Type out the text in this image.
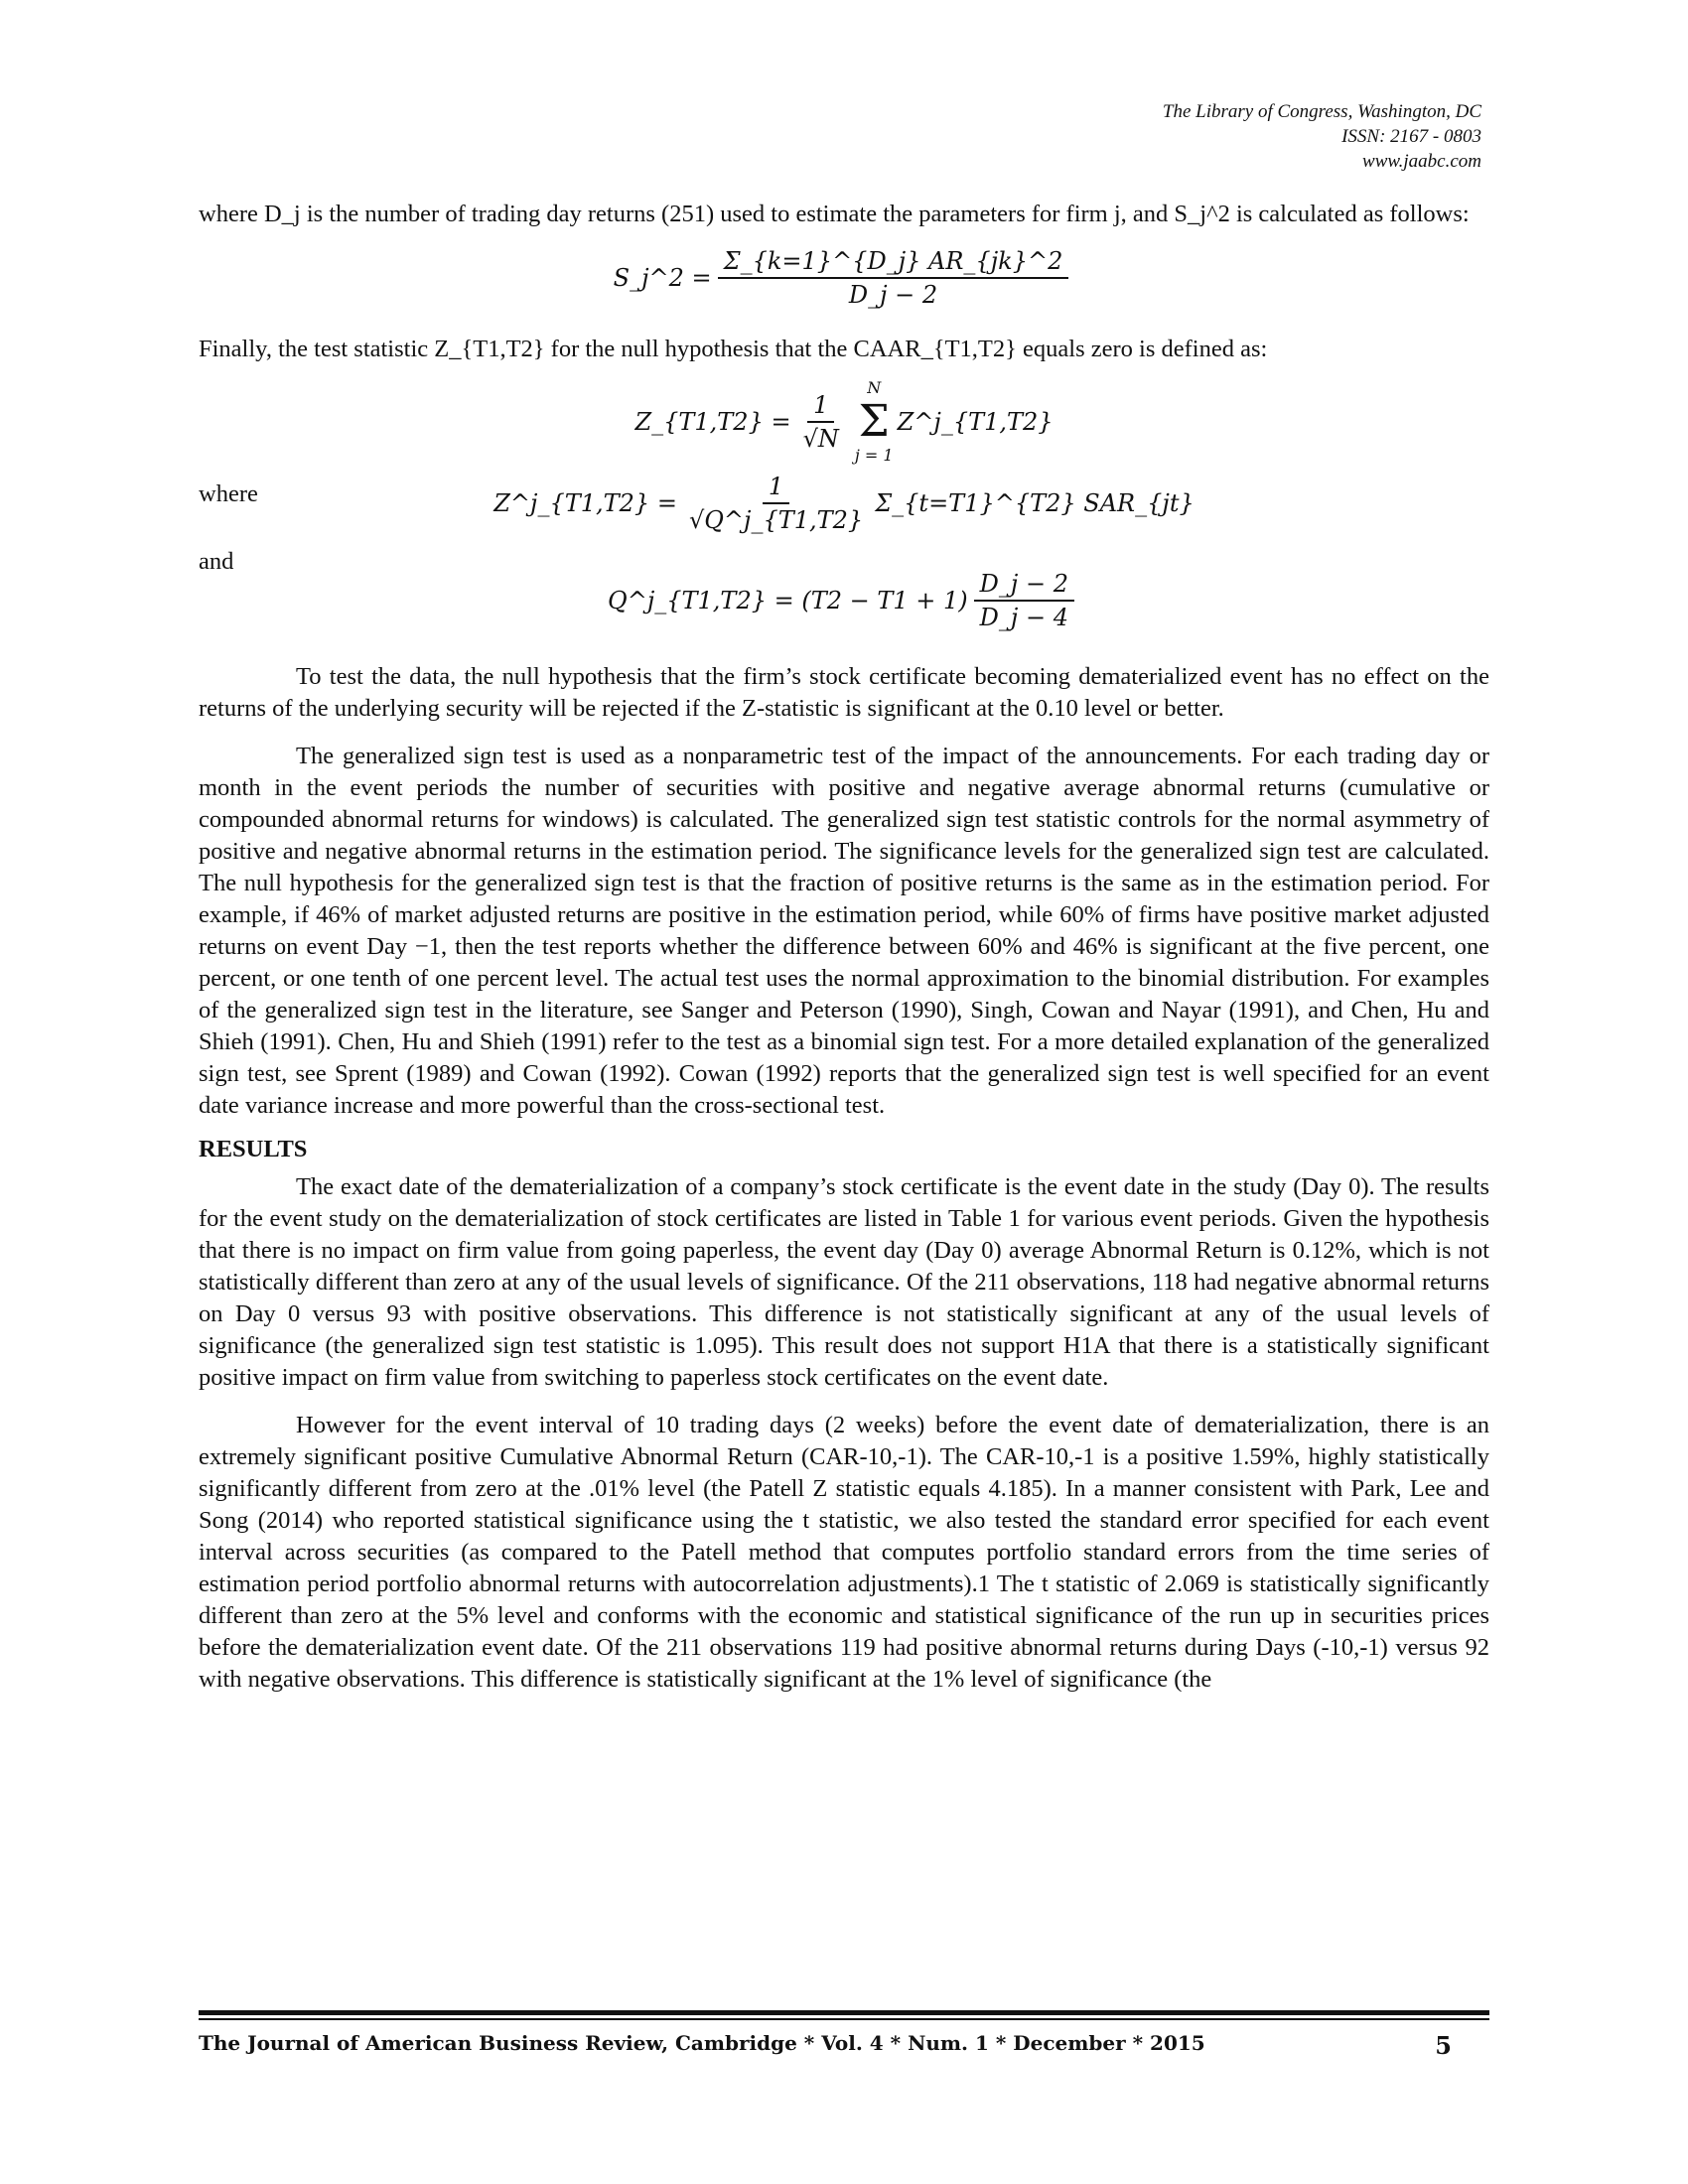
The Library of Congress, Washington, DC
ISSN: 2167 - 0803
www.jaabc.com

where D_j is the number of trading day returns (251) used to estimate the parameters for firm j, and S_j^2 is calculated as follows:

S_j^2 = $\frac{\Sigma\_\{k=1\}\^{}\{D\_j\} AR\_\{jk\}\^{}2}{D\_j - 2}$

Finally, the test statistic Z_{T1,T2} for the null hypothesis that the CAAR_{T1,T2} equals zero is defined as:

Z_{T1,T2} = $\frac{1}{√N}$
N
Σ
j = 1
Z^j_{T1,T2}
where	Z^j_{T1,T2} = $\frac{1}{√Q\^{}j\_\{T1,T2\}}$ Σ_{t=T1}^{T2} SAR_{jt}
and
Q^j_{T1,T2} = $(T2 - T1 + 1) \frac{D\_j - 2}{D\_j - 4}$

To test the data, the null hypothesis that the firm’s stock certificate becoming dematerialized event has no effect on the returns of the underlying security will be rejected if the Z-statistic is significant at the 0.10 level or better.

The generalized sign test is used as a nonparametric test of the impact of the announcements. For each trading day or month in the event periods the number of securities with positive and negative average abnormal returns (cumulative or compounded abnormal returns for windows) is calculated. The generalized sign test statistic controls for the normal asymmetry of positive and negative abnormal returns in the estimation period. The significance levels for the generalized sign test are calculated. The null hypothesis for the generalized sign test is that the fraction of positive returns is the same as in the estimation period. For example, if 46% of market adjusted returns are positive in the estimation period, while 60% of firms have positive market adjusted returns on event Day −1, then the test reports whether the difference between 60% and 46% is significant at the five percent, one percent, or one tenth of one percent level. The actual test uses the normal approximation to the binomial distribution. For examples of the generalized sign test in the literature, see Sanger and Peterson (1990), Singh, Cowan and Nayar (1991), and Chen, Hu and Shieh (1991). Chen, Hu and Shieh (1991) refer to the test as a binomial sign test. For a more detailed explanation of the generalized sign test, see Sprent (1989) and Cowan (1992). Cowan (1992) reports that the generalized sign test is well specified for an event date variance increase and more powerful than the cross-sectional test.

RESULTS

The exact date of the dematerialization of a company’s stock certificate is the event date in the study (Day 0). The results for the event study on the dematerialization of stock certificates are listed in Table 1 for various event periods. Given the hypothesis that there is no impact on firm value from going paperless, the event day (Day 0) average Abnormal Return is 0.12%, which is not statistically different than zero at any of the usual levels of significance. Of the 211 observations, 118 had negative abnormal returns on Day 0 versus 93 with positive observations. This difference is not statistically significant at any of the usual levels of significance (the generalized sign test statistic is 1.095). This result does not support H1A that there is a statistically significant positive impact on firm value from switching to paperless stock certificates on the event date.

However for the event interval of 10 trading days (2 weeks) before the event date of dematerialization, there is an extremely significant positive Cumulative Abnormal Return (CAR-10,-1). The CAR-10,-1 is a positive 1.59%, highly statistically significantly different from zero at the .01% level (the Patell Z statistic equals 4.185). In a manner consistent with Park, Lee and Song (2014) who reported statistical significance using the t statistic, we also tested the standard error specified for each event interval across securities (as compared to the Patell method that computes portfolio standard errors from the time series of estimation period portfolio abnormal returns with autocorrelation adjustments).1 The t statistic of 2.069 is statistically significantly different than zero at the 5% level and conforms with the economic and statistical significance of the run up in securities prices before the dematerialization event date. Of the 211 observations 119 had positive abnormal returns during Days (-10,-1) versus 92 with negative observations. This difference is statistically significant at the 1% level of significance (the

The Journal of American Business Review, Cambridge * Vol. 4 * Num. 1 * December * 2015	5
